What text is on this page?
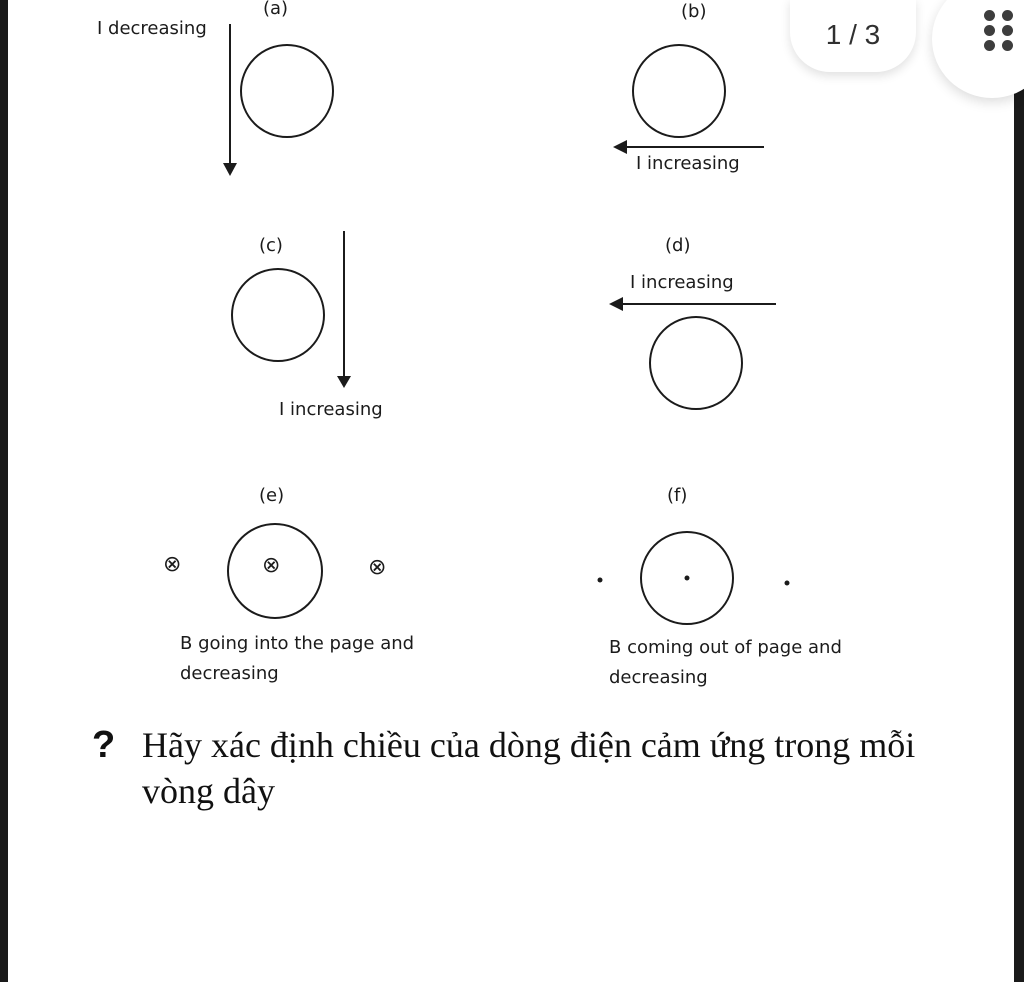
(a)
I decreasing
(b)
I increasing
(c)
I increasing
(d)
I increasing
(e)
⊗	⊗	⊗
B going into the page and
decreasing
(f)
B coming out of page and
decreasing
1 / 3
? Hãy xác định chiều của dòng điện cảm ứng trong mỗi vòng dây
